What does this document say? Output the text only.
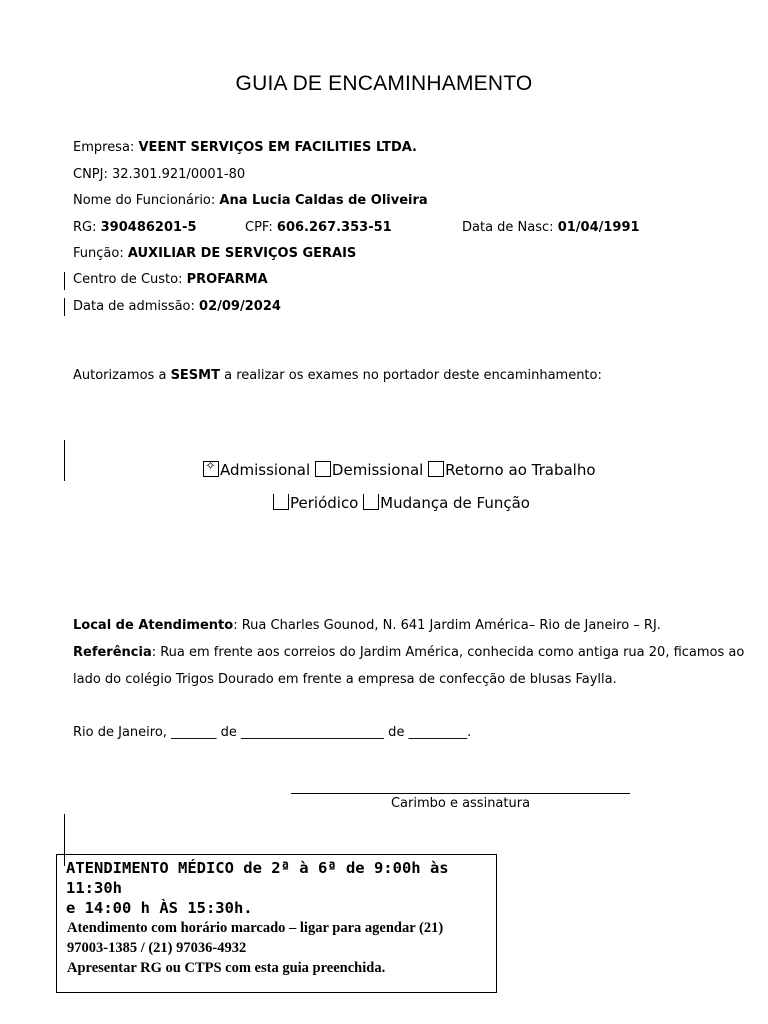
GUIA DE ENCAMINHAMENTO
Empresa: VEENT SERVIÇOS EM FACILITIES LTDA.
CNPJ: 32.301.921/0001-80
Nome do Funcionário: Ana Lucia Caldas de Oliveira
RG: 390486201-5	CPF: 606.267.353-51	Data de Nasc: 01/04/1991
Função: AUXILIAR DE SERVIÇOS GERAIS
Centro de Custo: PROFARMA
Data de admissão: 02/09/2024
Autorizamos a SESMT a realizar os exames no portador deste encaminhamento:
✧ Admissional Demissional Retorno ao Trabalho
Periódico Mudança de Função
Local de Atendimento: Rua Charles Gounod, N. 641 Jardim América– Rio de Janeiro – RJ.
Referência: Rua em frente aos correios do Jardim América, conhecida como antiga rua 20, ficamos ao
lado do colégio Trigos Dourado em frente a empresa de confecção de blusas Faylla.
Rio de Janeiro, _______ de ______________________ de _________.
Carimbo e assinatura
ATENDIMENTO MÉDICO de 2ª à 6ª de 9:00h às
11:30h
e 14:00 h ÀS 15:30h.
Atendimento com horário marcado – ligar para agendar (21)
97003-1385 / (21) 97036-4932
Apresentar RG ou CTPS com esta guia preenchida.
